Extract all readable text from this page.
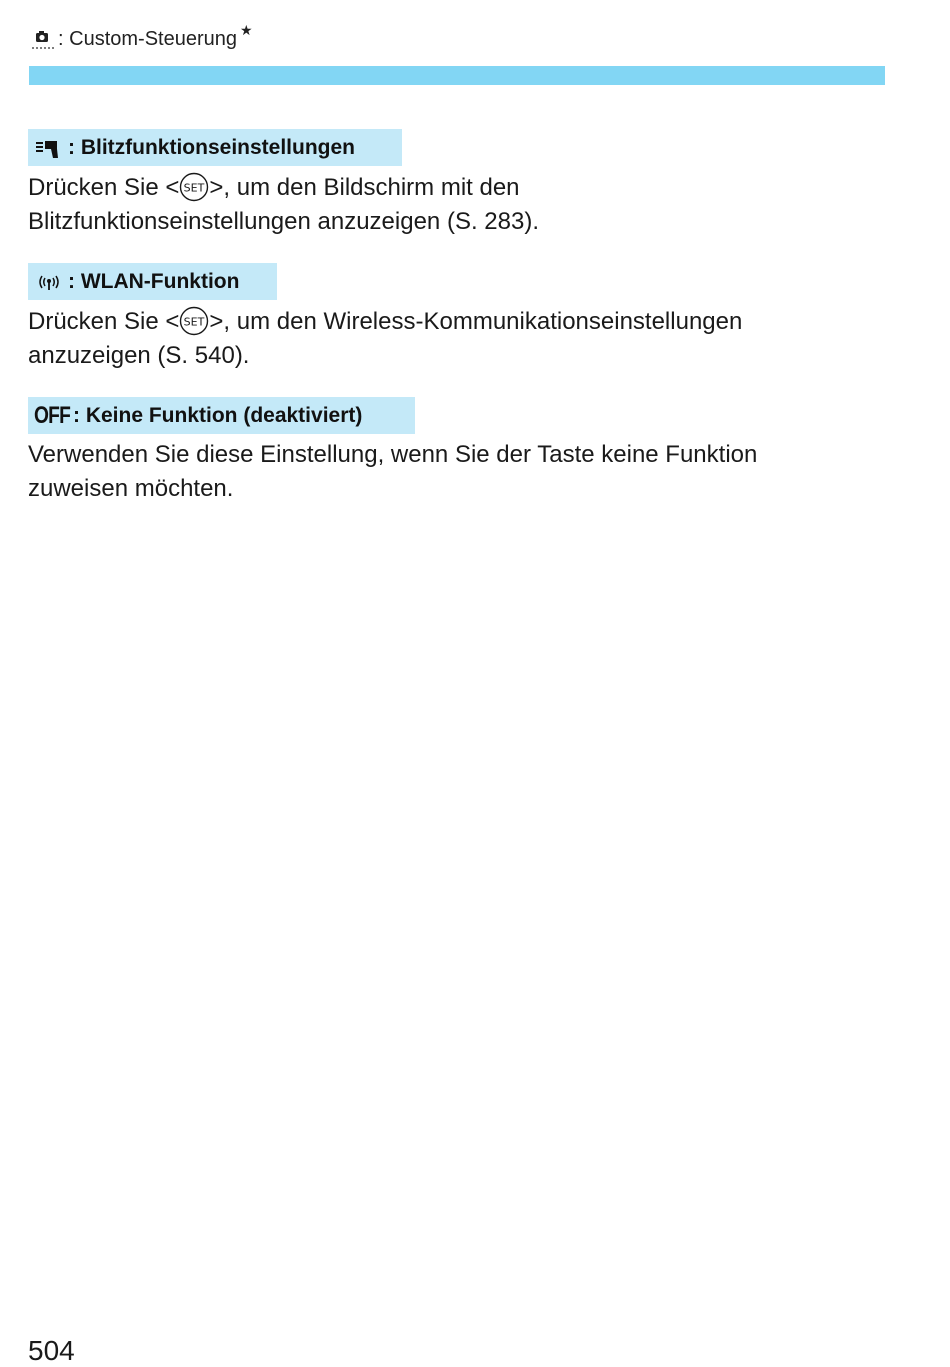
:
Custom-Steuerung ★
: Blitzfunktionseinstellungen
Drücken Sie < SET >, um den Bildschirm mit den
Blitzfunktionseinstellungen anzuzeigen (S. 283).
: WLAN-Funktion
Drücken Sie < SET >, um den Wireless-Kommunikationseinstellungen
anzuzeigen (S. 540).
OFF : Keine Funktion (deaktiviert)
Verwenden Sie diese Einstellung, wenn Sie der Taste keine Funktion
zuweisen möchten.
504
